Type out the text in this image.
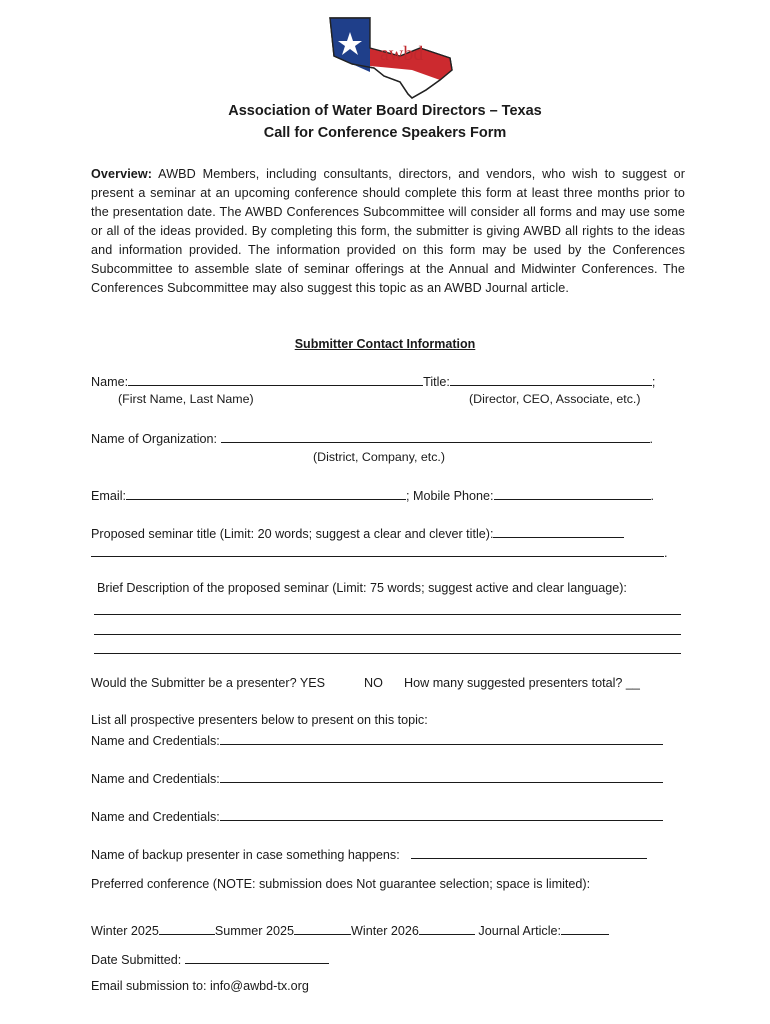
awbd
Association of Water Board Directors – Texas
Call for Conference Speakers Form
Overview: AWBD Members, including consultants, directors, and vendors, who wish to suggest or present a seminar at an upcoming conference should complete this form at least three months prior to the presentation date. The AWBD Conferences Subcommittee will consider all forms and may use some or all of the ideas provided. By completing this form, the submitter is giving AWBD all rights to the ideas and information provided. The information provided on this form may be used by the Conferences Subcommittee to assemble slate of seminar offerings at the Annual and Midwinter Conferences. The Conferences Subcommittee may also suggest this topic as an AWBD Journal article.
Submitter Contact Information
Name:	Title:	;
(First Name, Last Name)	(Director, CEO, Associate, etc.)
Name of Organization:	.
(District, Company, etc.)
Email:	; Mobile Phone:	.
Proposed seminar title (Limit: 20 words; suggest a clear and clever title):
.
Brief Description of the proposed seminar (Limit: 75 words; suggest active and clear language):
Would the Submitter be a presenter? YES	NO How many suggested presenters total? __
List all prospective presenters below to present on this topic:
Name and Credentials:
Name and Credentials:
Name and Credentials:
Name of backup presenter in case something happens:
Preferred conference (NOTE: submission does Not guarantee selection; space is limited):
Winter 2025	Summer 2025	Winter 2026	Journal Article:
Date Submitted:
Email submission to: info@awbd-tx.org
